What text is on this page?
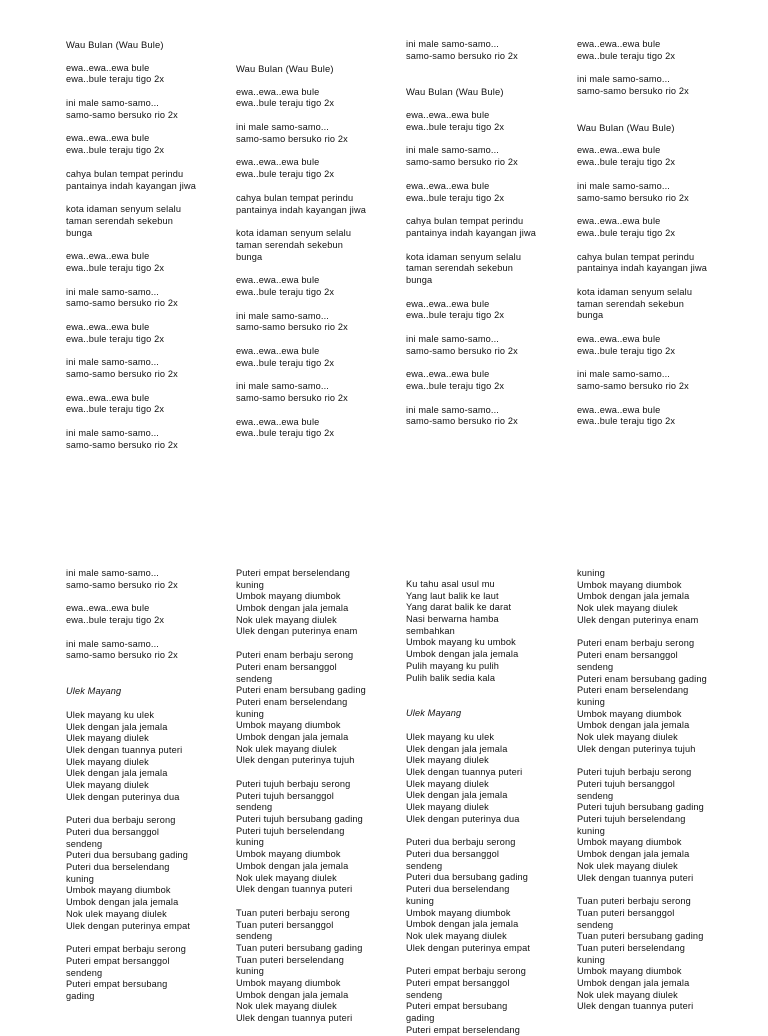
Wau Bulan (Wau Bule)
ewa..ewa..ewa bule
ewa..bule teraju tigo 2x
ini male samo-samo...
samo-samo bersuko rio 2x
ewa..ewa..ewa bule
ewa..bule teraju tigo 2x
cahya bulan tempat perindu
pantainya indah kayangan jiwa
kota idaman senyum selalu
taman serendah sekebun
bunga
ewa..ewa..ewa bule
ewa..bule teraju tigo 2x
ini male samo-samo...
samo-samo bersuko rio 2x
ewa..ewa..ewa bule
ewa..bule teraju tigo 2x
ini male samo-samo...
samo-samo bersuko rio 2x
ewa..ewa..ewa bule
ewa..bule teraju tigo 2x
ini male samo-samo...
samo-samo bersuko rio 2x
Wau Bulan (Wau Bule)
ewa..ewa..ewa bule
ewa..bule teraju tigo 2x
ini male samo-samo...
samo-samo bersuko rio 2x
ewa..ewa..ewa bule
ewa..bule teraju tigo 2x
cahya bulan tempat perindu
pantainya indah kayangan jiwa
kota idaman senyum selalu
taman serendah sekebun
bunga
ewa..ewa..ewa bule
ewa..bule teraju tigo 2x
ini male samo-samo...
samo-samo bersuko rio 2x
ewa..ewa..ewa bule
ewa..bule teraju tigo 2x
ini male samo-samo...
samo-samo bersuko rio 2x
ewa..ewa..ewa bule
ewa..bule teraju tigo 2x
ini male samo-samo...
samo-samo bersuko rio 2x
Wau Bulan (Wau Bule)
ewa..ewa..ewa bule
ewa..bule teraju tigo 2x
ini male samo-samo...
samo-samo bersuko rio 2x
ewa..ewa..ewa bule
ewa..bule teraju tigo 2x
cahya bulan tempat perindu
pantainya indah kayangan jiwa
kota idaman senyum selalu
taman serendah sekebun
bunga
ewa..ewa..ewa bule
ewa..bule teraju tigo 2x
ini male samo-samo...
samo-samo bersuko rio 2x
ewa..ewa..ewa bule
ewa..bule teraju tigo 2x
ini male samo-samo...
samo-samo bersuko rio 2x
ewa..ewa..ewa bule
ewa..bule teraju tigo 2x
ini male samo-samo...
samo-samo bersuko rio 2x
Wau Bulan (Wau Bule)
ewa..ewa..ewa bule
ewa..bule teraju tigo 2x
ini male samo-samo...
samo-samo bersuko rio 2x
ewa..ewa..ewa bule
ewa..bule teraju tigo 2x
cahya bulan tempat perindu
pantainya indah kayangan jiwa
kota idaman senyum selalu
taman serendah sekebun
bunga
ewa..ewa..ewa bule
ewa..bule teraju tigo 2x
ini male samo-samo...
samo-samo bersuko rio 2x
ewa..ewa..ewa bule
ewa..bule teraju tigo 2x
ini male samo-samo...
samo-samo bersuko rio 2x
ewa..ewa..ewa bule
ewa..bule teraju tigo 2x
ini male samo-samo...
samo-samo bersuko rio 2x
Ulek Mayang
Ulek mayang ku ulek
Ulek dengan jala jemala
Ulek mayang diulek
Ulek dengan tuannya puteri
Ulek mayang diulek
Ulek dengan jala jemala
Ulek mayang diulek
Ulek dengan puterinya dua
Puteri dua berbaju serong
Puteri dua bersanggol
sendeng
Puteri dua bersubang gading
Puteri dua berselendang
kuning
Umbok mayang diumbok
Umbok dengan jala jemala
Nok ulek mayang diulek
Ulek dengan puterinya empat
Puteri empat berbaju serong
Puteri empat bersanggol
sendeng
Puteri empat bersubang
gading
Puteri empat berselendang
kuning
Umbok mayang diumbok
Umbok dengan jala jemala
Nok ulek mayang diulek
Ulek dengan puterinya enam
Puteri enam berbaju serong
Puteri enam bersanggol
sendeng
Puteri enam bersubang gading
Puteri enam berselendang
kuning
Umbok mayang diumbok
Umbok dengan jala jemala
Nok ulek mayang diulek
Ulek dengan puterinya tujuh
Puteri tujuh berbaju serong
Puteri tujuh bersanggol
sendeng
Puteri tujuh bersubang gading
Puteri tujuh berselendang
kuning
Umbok mayang diumbok
Umbok dengan jala jemala
Nok ulek mayang diulek
Ulek dengan tuannya puteri
Tuan puteri berbaju serong
Tuan puteri bersanggol
sendeng
Tuan puteri bersubang gading
Tuan puteri berselendang
kuning
Umbok mayang diumbok
Umbok dengan jala jemala
Nok ulek mayang diulek
Ulek dengan tuannya puteri
Ku tahu asal usul mu
Yang laut balik ke laut
Yang darat balik ke darat
Nasi berwarna hamba
sembahkan
Umbok mayang ku umbok
Umbok dengan jala jemala
Pulih mayang ku pulih
Pulih balik sedia kala
Ulek Mayang
Ulek mayang ku ulek
Ulek dengan jala jemala
Ulek mayang diulek
Ulek dengan tuannya puteri
Ulek mayang diulek
Ulek dengan jala jemala
Ulek mayang diulek
Ulek dengan puterinya dua
Puteri dua berbaju serong
Puteri dua bersanggol
sendeng
Puteri dua bersubang gading
Puteri dua berselendang
kuning
Umbok mayang diumbok
Umbok dengan jala jemala
Nok ulek mayang diulek
Ulek dengan puterinya empat
Puteri empat berbaju serong
Puteri empat bersanggol
sendeng
Puteri empat bersubang
gading
Puteri empat berselendang
kuning
Umbok mayang diumbok
Umbok dengan jala jemala
Nok ulek mayang diulek
Ulek dengan puterinya enam
Puteri enam berbaju serong
Puteri enam bersanggol
sendeng
Puteri enam bersubang gading
Puteri enam berselendang
kuning
Umbok mayang diumbok
Umbok dengan jala jemala
Nok ulek mayang diulek
Ulek dengan puterinya tujuh
Puteri tujuh berbaju serong
Puteri tujuh bersanggol
sendeng
Puteri tujuh bersubang gading
Puteri tujuh berselendang
kuning
Umbok mayang diumbok
Umbok dengan jala jemala
Nok ulek mayang diulek
Ulek dengan tuannya puteri
Tuan puteri berbaju serong
Tuan puteri bersanggol
sendeng
Tuan puteri bersubang gading
Tuan puteri berselendang
kuning
Umbok mayang diumbok
Umbok dengan jala jemala
Nok ulek mayang diulek
Ulek dengan tuannya puteri
